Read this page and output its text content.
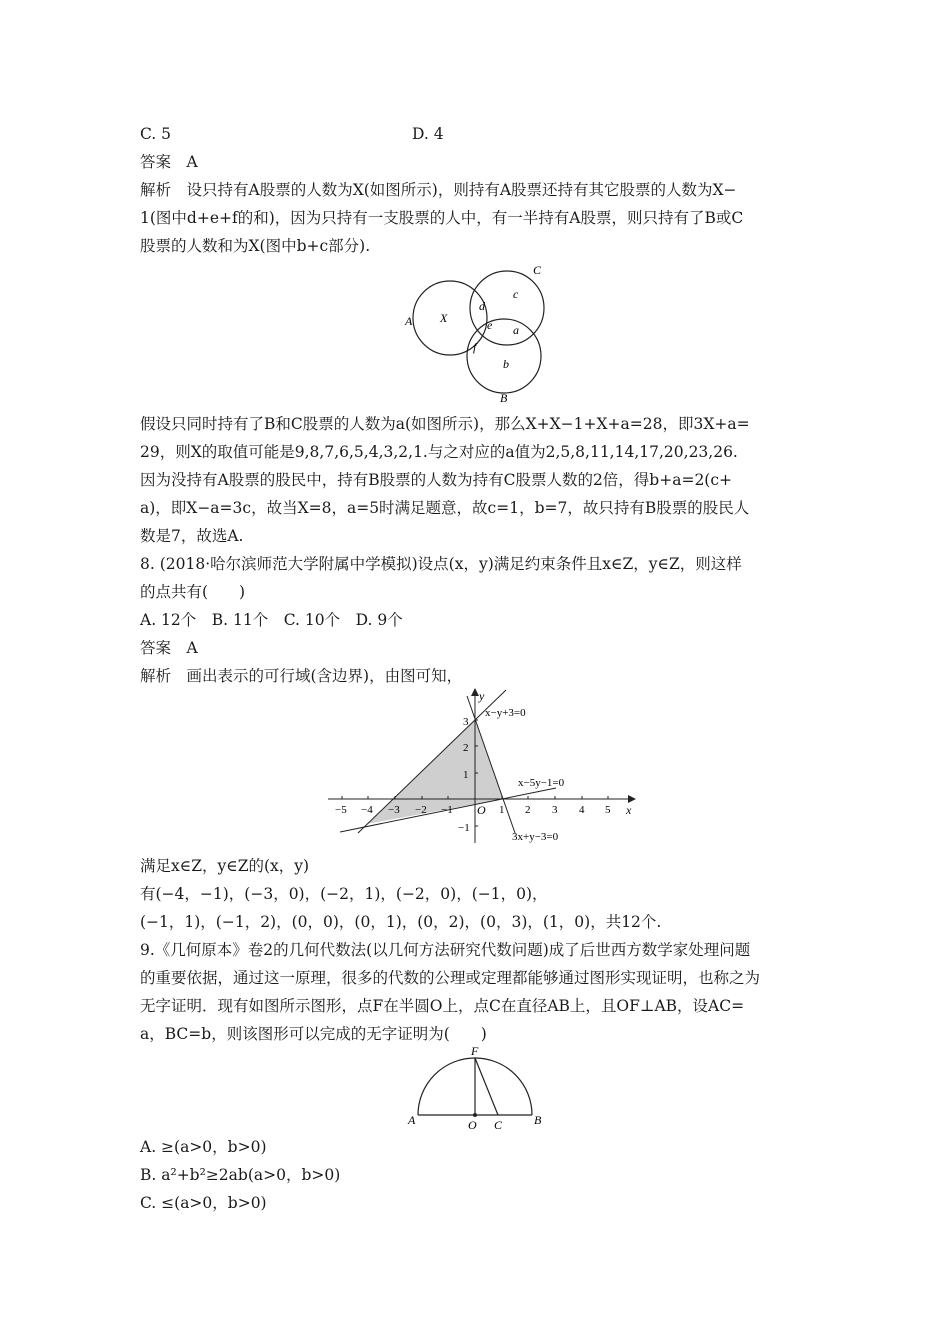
C. 5	D. 4
答案　A
解析　设只持有A股票的人数为X(如图所示)，则持有A股票还持有其它股票的人数为X−
1(图中d+e+f的和)，因为只持有一支股票的人中，有一半持有A股票，则只持有了B或C
股票的人数和为X(图中b+c部分).
A X
C
B
d
c
e a
f
b
假设只同时持有了B和C股票的人数为a(如图所示)，那么X+X−1+X+a=28，即3X+a=
29，则X的取值可能是9,8,7,6,5,4,3,2,1.与之对应的a值为2,5,8,11,14,17,20,23,26.
因为没持有A股票的股民中，持有B股票的人数为持有C股票人数的2倍，得b+a=2(c+
a)，即X−a=3c，故当X=8，a=5时满足题意，故c=1，b=7，故只持有B股票的股民人
数是7，故选A.
8. (2018·哈尔滨师范大学附属中学模拟)设点(x，y)满足约束条件且x∈Z，y∈Z，则这样
的点共有(　　)
A. 12个　B. 11个　C. 10个　D. 9个
答案　A
解析　画出表示的可行域(含边界)，由图可知，
−5 −4 −3 −2 −1	1 2 3 4 5
3
2
1
−1
O	x
y
x−y+3=0
x−5y−1=0
3x+y−3=0
满足x∈Z，y∈Z的(x，y)
有(−4，−1)，(−3，0)，(−2，1)，(−2，0)，(−1，0)，
(−1，1)，(−1，2)，(0，0)，(0，1)，(0，2)，(0，3)，(1，0)，共12个.
9.《几何原本》卷2的几何代数法(以几何方法研究代数问题)成了后世西方数学家处理问题
的重要依据，通过这一原理，很多的代数的公理或定理都能够通过图形实现证明，也称之为
无字证明．现有如图所示图形，点F在半圆O上，点C在直径AB上，且OF⊥AB，设AC=
a，BC=b，则该图形可以完成的无字证明为(　　)
A	B
O C
F
A. ≥(a>0，b>0)
B. a²+b²≥2ab(a>0，b>0)
C. ≤(a>0，b>0)
